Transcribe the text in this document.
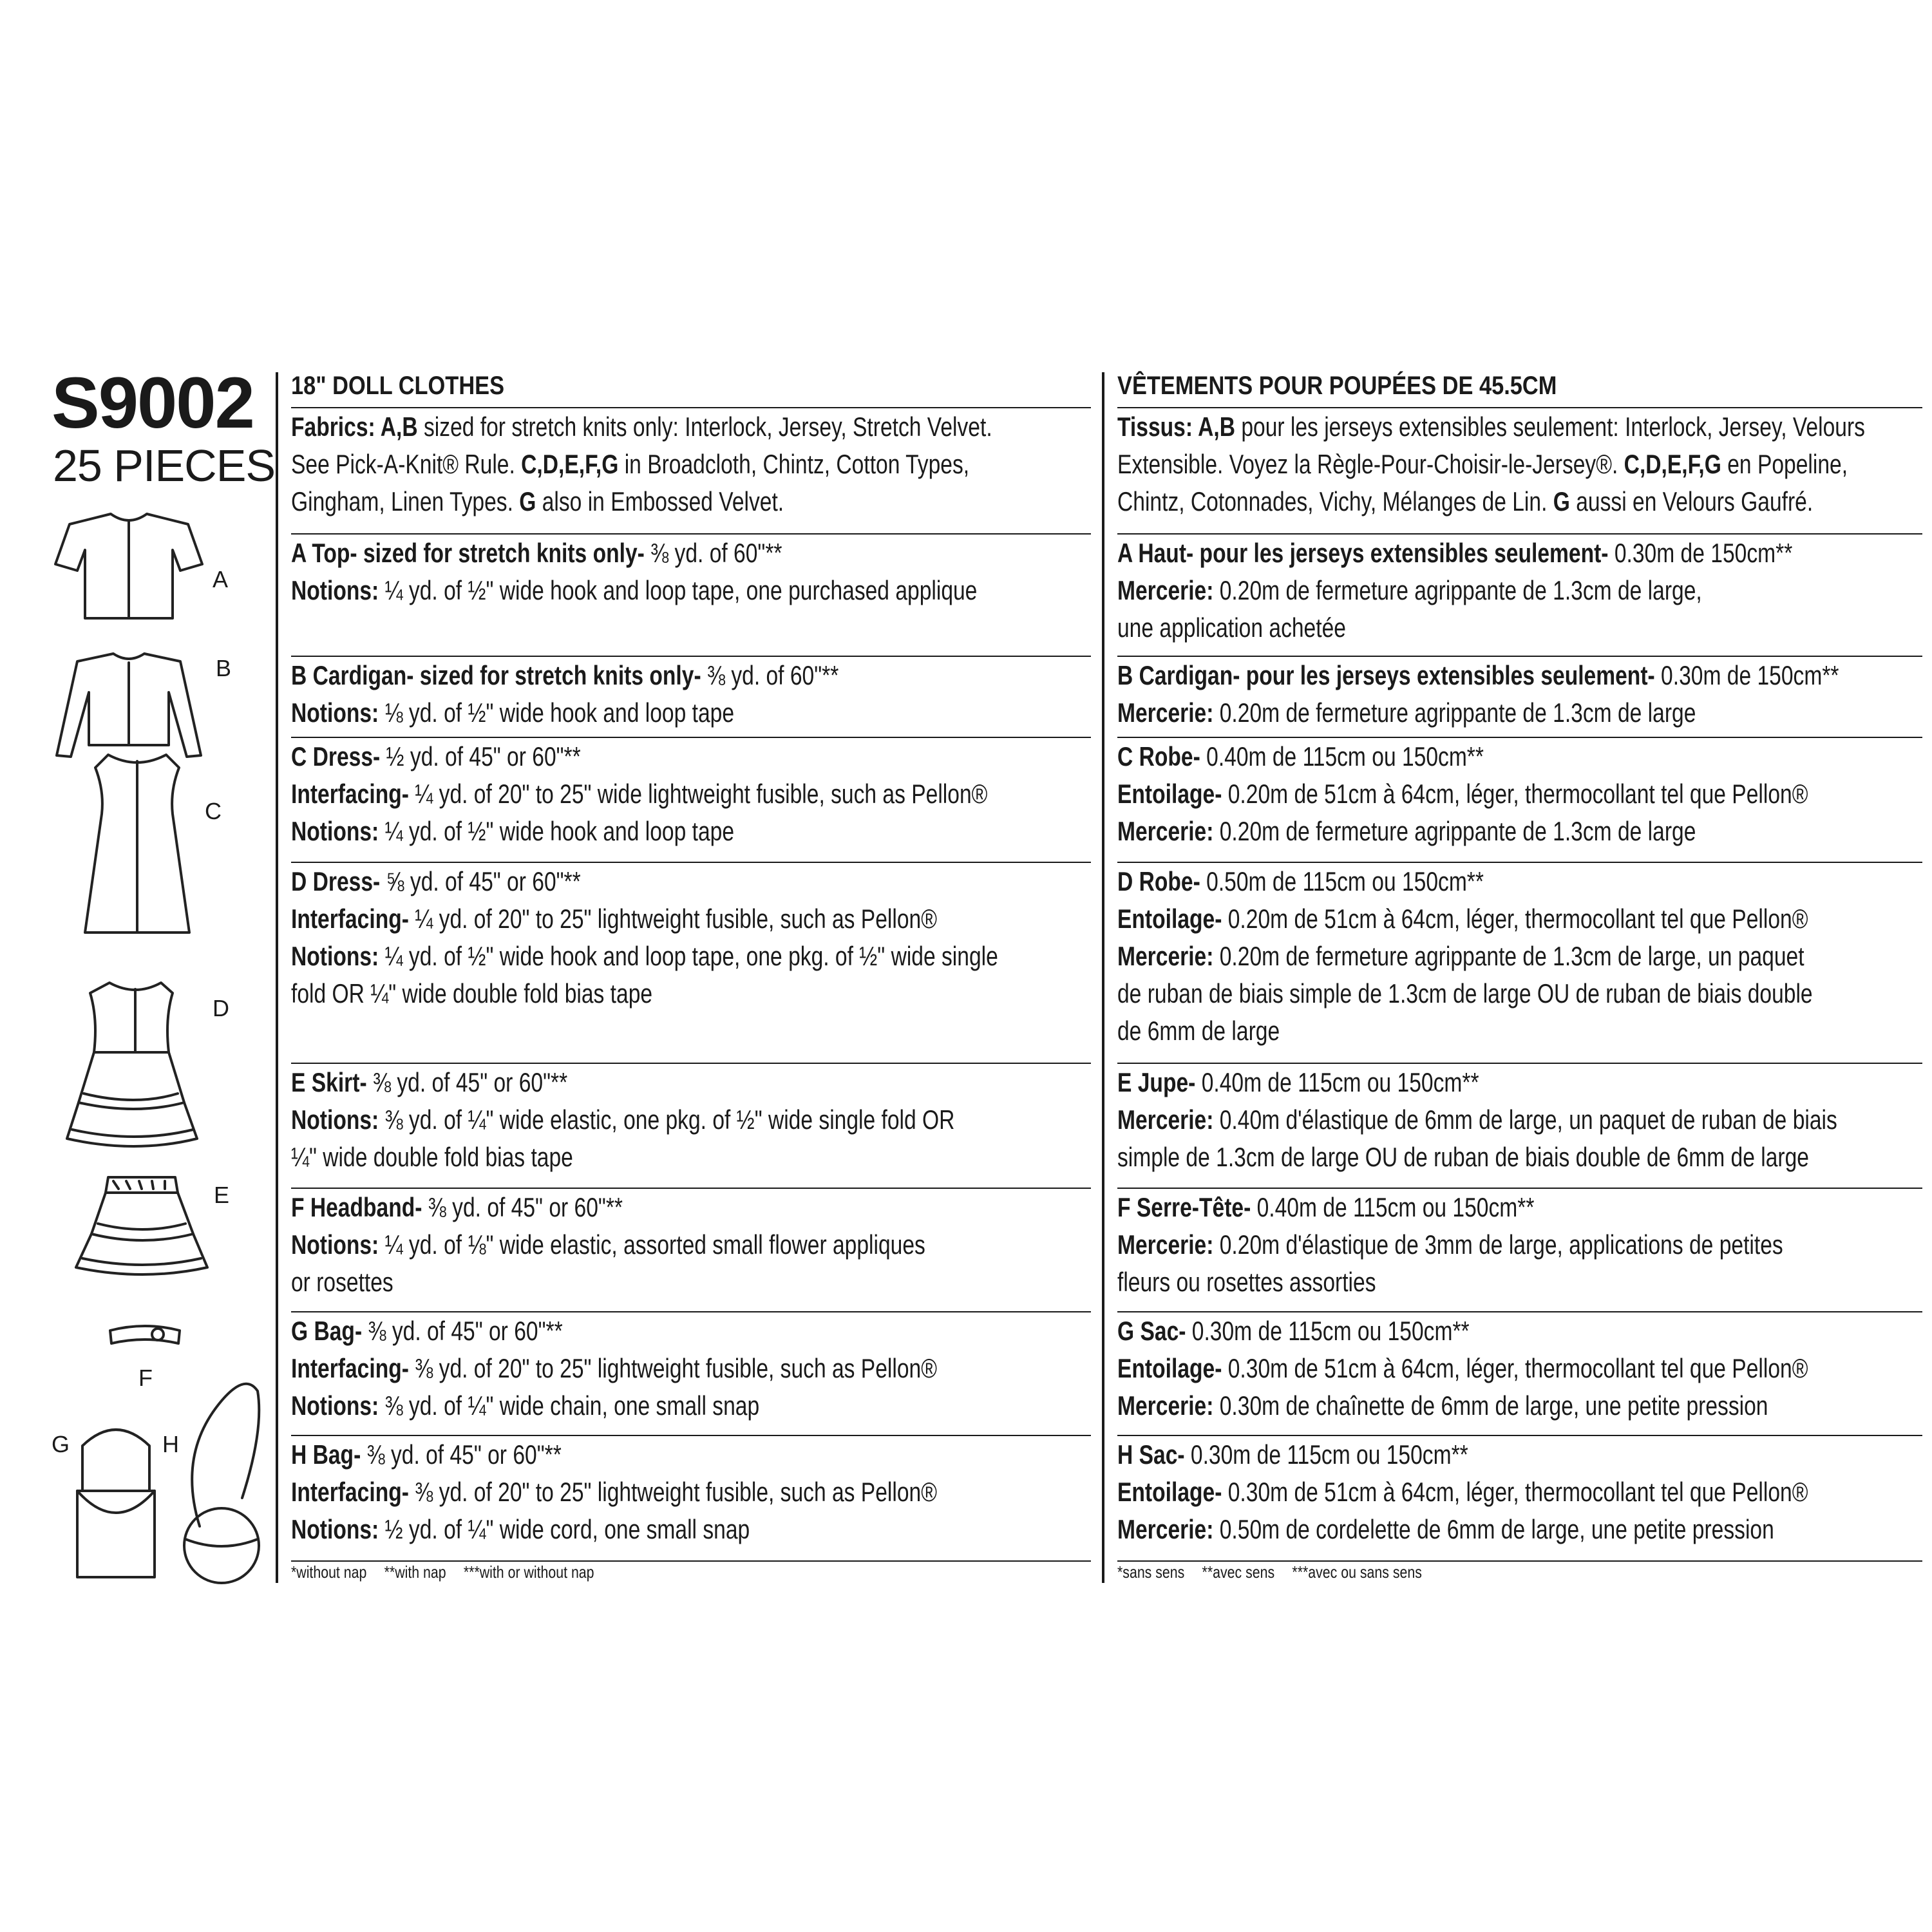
S9002
25 PIECES
A
B
C
D
E
F
G	H
18" DOLL CLOTHES
Fabrics: A,B sized for stretch knits only: Interlock, Jersey, Stretch Velvet.
See Pick-A-Knit® Rule. C,D,E,F,G in Broadcloth, Chintz, Cotton Types,
Gingham, Linen Types. G also in Embossed Velvet.
A Top- sized for stretch knits only- ⅜ yd. of 60"**
Notions: ¼ yd. of ½" wide hook and loop tape, one purchased applique
B Cardigan- sized for stretch knits only- ⅜ yd. of 60"**
Notions: ⅛ yd. of ½" wide hook and loop tape
C Dress- ½ yd. of 45" or 60"**
Interfacing- ¼ yd. of 20" to 25" wide lightweight fusible, such as Pellon®
Notions: ¼ yd. of ½" wide hook and loop tape
D Dress- ⅝ yd. of 45" or 60"**
Interfacing- ¼ yd. of 20" to 25" lightweight fusible, such as Pellon®
Notions: ¼ yd. of ½" wide hook and loop tape, one pkg. of ½" wide single
fold OR ¼" wide double fold bias tape
E Skirt- ⅜ yd. of 45" or 60"**
Notions: ⅜ yd. of ¼" wide elastic, one pkg. of ½" wide single fold OR
¼" wide double fold bias tape
F Headband- ⅜ yd. of 45" or 60"**
Notions: ¼ yd. of ⅛" wide elastic, assorted small flower appliques
or rosettes
G Bag- ⅜ yd. of 45" or 60"**
Interfacing- ⅜ yd. of 20" to 25" lightweight fusible, such as Pellon®
Notions: ⅜ yd. of ¼" wide chain, one small snap
H Bag- ⅜ yd. of 45" or 60"**
Interfacing- ⅜ yd. of 20" to 25" lightweight fusible, such as Pellon®
Notions: ½ yd. of ¼" wide cord, one small snap
*without nap **with nap ***with or without nap
VÊTEMENTS POUR POUPÉES DE 45.5CM
Tissus: A,B pour les jerseys extensibles seulement: Interlock, Jersey, Velours
Extensible. Voyez la Règle-Pour-Choisir-le-Jersey®. C,D,E,F,G en Popeline,
Chintz, Cotonnades, Vichy, Mélanges de Lin. G aussi en Velours Gaufré.
A Haut- pour les jerseys extensibles seulement- 0.30m de 150cm**
Mercerie: 0.20m de fermeture agrippante de 1.3cm de large,
une application achetée
B Cardigan- pour les jerseys extensibles seulement- 0.30m de 150cm**
Mercerie: 0.20m de fermeture agrippante de 1.3cm de large
C Robe- 0.40m de 115cm ou 150cm**
Entoilage- 0.20m de 51cm à 64cm, léger, thermocollant tel que Pellon®
Mercerie: 0.20m de fermeture agrippante de 1.3cm de large
D Robe- 0.50m de 115cm ou 150cm**
Entoilage- 0.20m de 51cm à 64cm, léger, thermocollant tel que Pellon®
Mercerie: 0.20m de fermeture agrippante de 1.3cm de large, un paquet
de ruban de biais simple de 1.3cm de large OU de ruban de biais double
de 6mm de large
E Jupe- 0.40m de 115cm ou 150cm**
Mercerie: 0.40m d'élastique de 6mm de large, un paquet de ruban de biais
simple de 1.3cm de large OU de ruban de biais double de 6mm de large
F Serre-Tête- 0.40m de 115cm ou 150cm**
Mercerie: 0.20m d'élastique de 3mm de large, applications de petites
fleurs ou rosettes assorties
G Sac- 0.30m de 115cm ou 150cm**
Entoilage- 0.30m de 51cm à 64cm, léger, thermocollant tel que Pellon®
Mercerie: 0.30m de chaînette de 6mm de large, une petite pression
H Sac- 0.30m de 115cm ou 150cm**
Entoilage- 0.30m de 51cm à 64cm, léger, thermocollant tel que Pellon®
Mercerie: 0.50m de cordelette de 6mm de large, une petite pression
*sans sens **avec sens ***avec ou sans sens
